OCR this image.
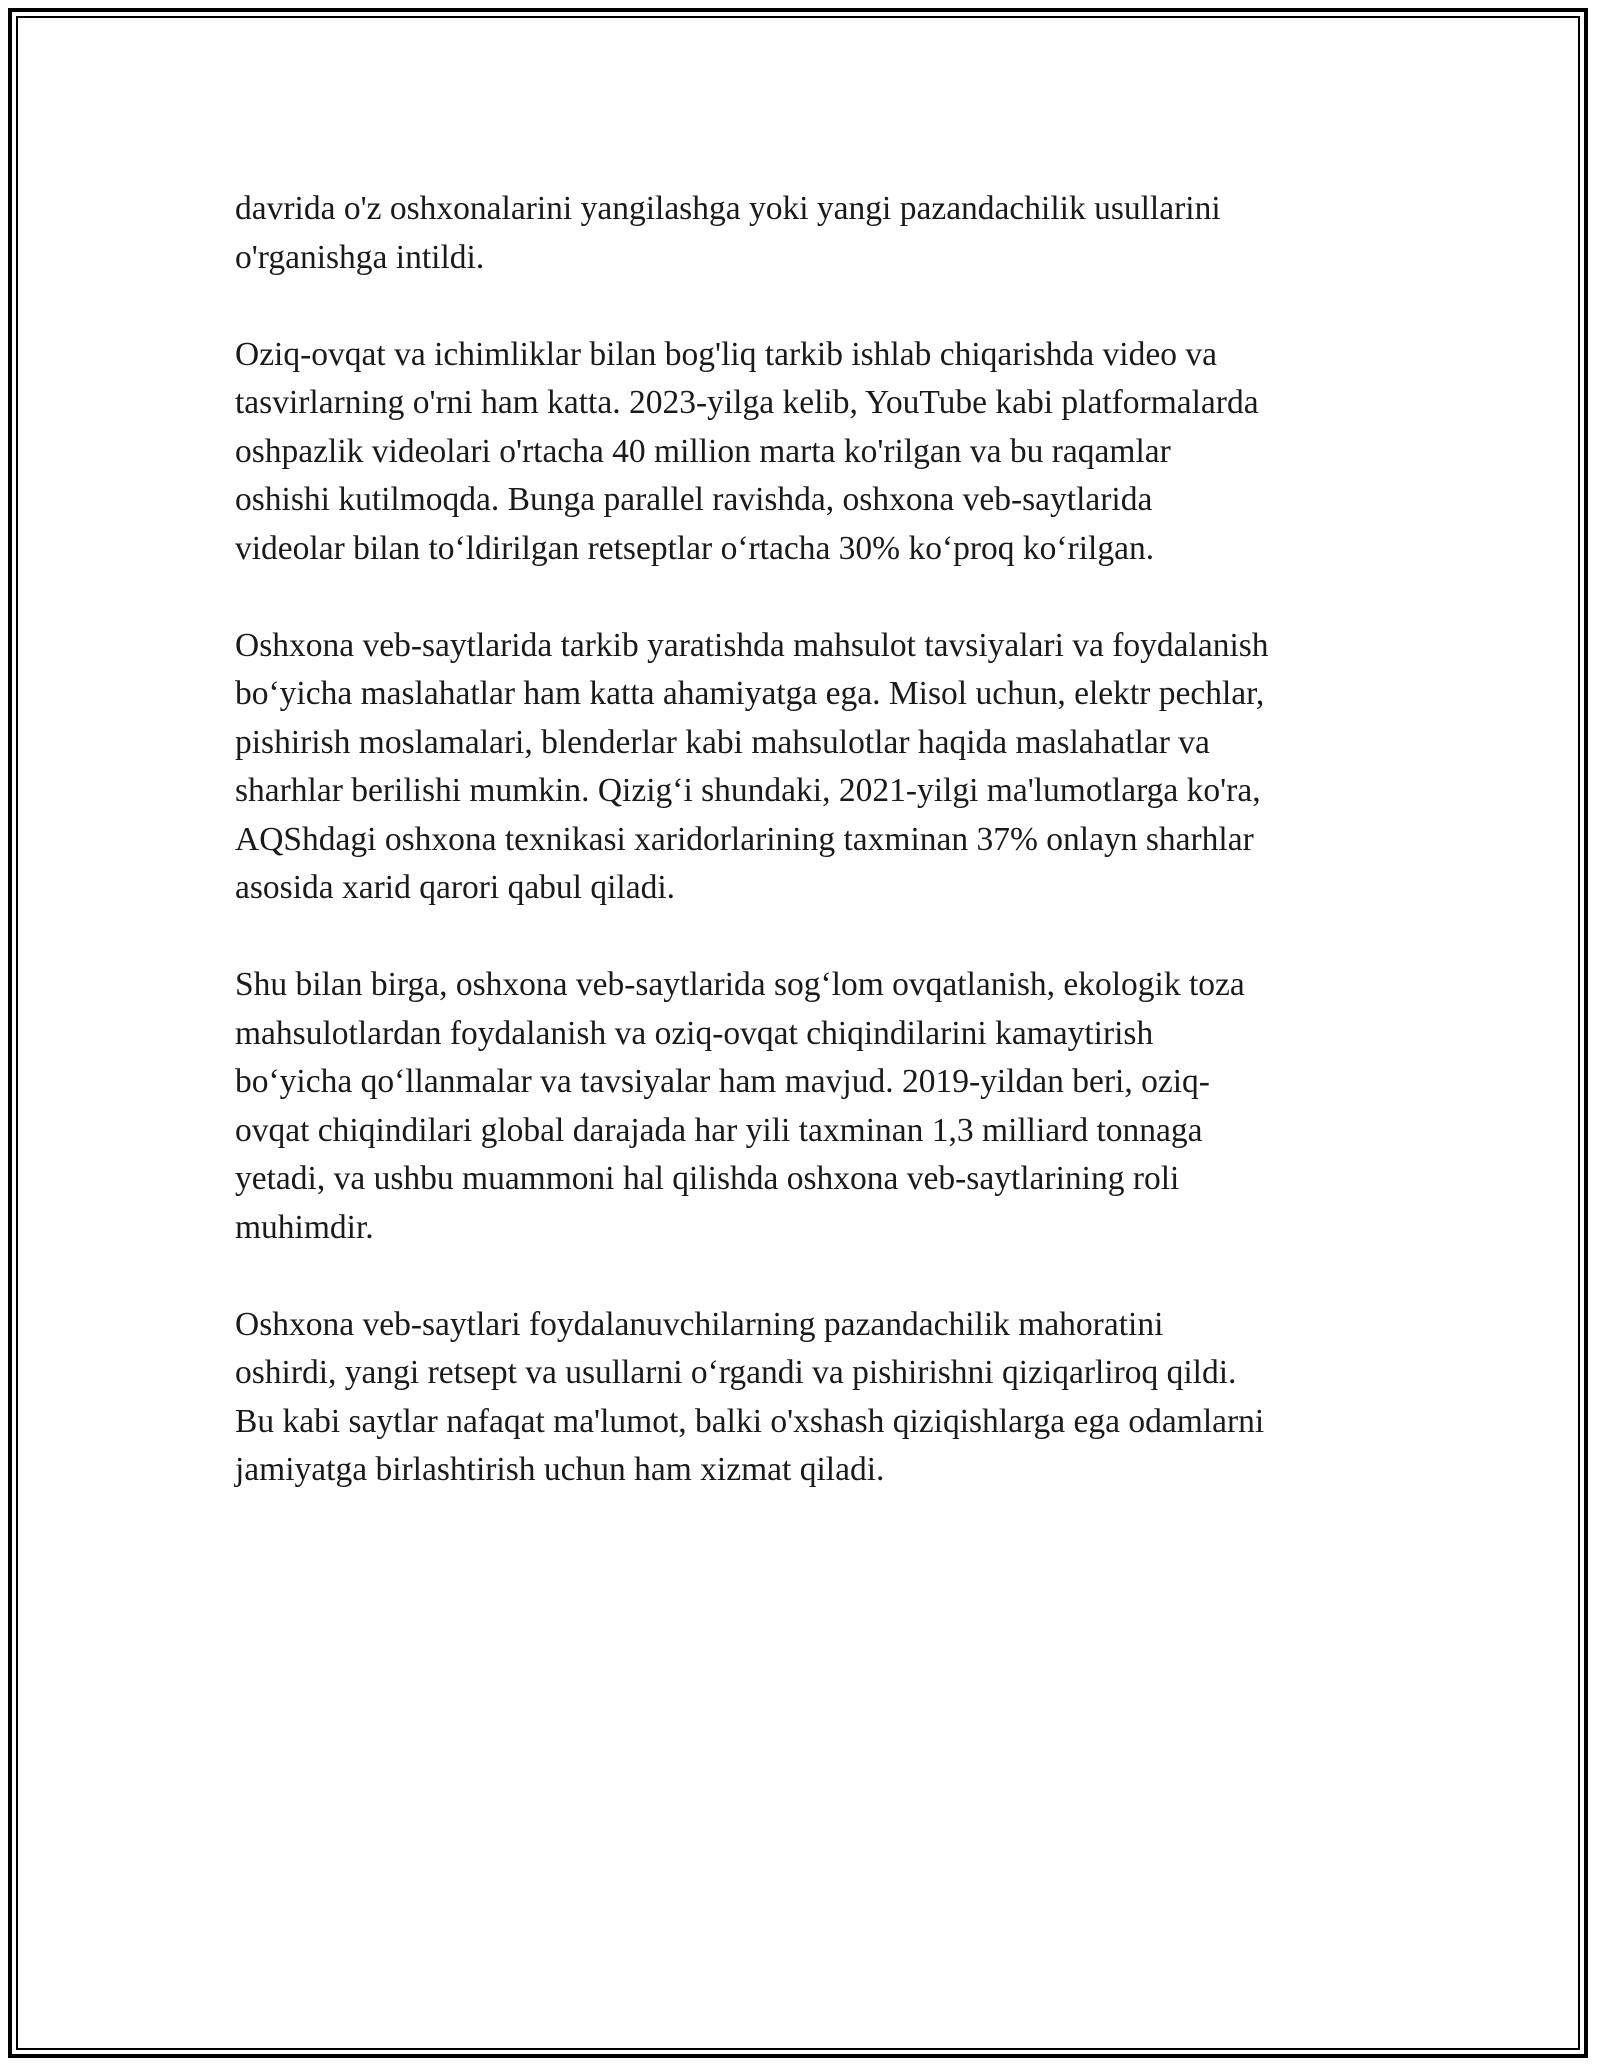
davrida o'z oshxonalarini yangilashga yoki yangi pazandachilik usullarini
o'rganishga intildi.

Oziq-ovqat va ichimliklar bilan bog'liq tarkib ishlab chiqarishda video va
tasvirlarning o'rni ham katta. 2023-yilga kelib, YouTube kabi platformalarda
oshpazlik videolari o'rtacha 40 million marta ko'rilgan va bu raqamlar
oshishi kutilmoqda. Bunga parallel ravishda, oshxona veb-saytlarida
videolar bilan to‘ldirilgan retseptlar o‘rtacha 30% ko‘proq ko‘rilgan.

Oshxona veb-saytlarida tarkib yaratishda mahsulot tavsiyalari va foydalanish
bo‘yicha maslahatlar ham katta ahamiyatga ega. Misol uchun, elektr pechlar,
pishirish moslamalari, blenderlar kabi mahsulotlar haqida maslahatlar va
sharhlar berilishi mumkin. Qizig‘i shundaki, 2021-yilgi ma'lumotlarga ko'ra,
AQShdagi oshxona texnikasi xaridorlarining taxminan 37% onlayn sharhlar
asosida xarid qarori qabul qiladi.

Shu bilan birga, oshxona veb-saytlarida sog‘lom ovqatlanish, ekologik toza
mahsulotlardan foydalanish va oziq-ovqat chiqindilarini kamaytirish
bo‘yicha qo‘llanmalar va tavsiyalar ham mavjud. 2019-yildan beri, oziq-
ovqat chiqindilari global darajada har yili taxminan 1,3 milliard tonnaga
yetadi, va ushbu muammoni hal qilishda oshxona veb-saytlarining roli
muhimdir.

Oshxona veb-saytlari foydalanuvchilarning pazandachilik mahoratini
oshirdi, yangi retsept va usullarni o‘rgandi va pishirishni qiziqarliroq qildi.
Bu kabi saytlar nafaqat ma'lumot, balki o'xshash qiziqishlarga ega odamlarni
jamiyatga birlashtirish uchun ham xizmat qiladi.
